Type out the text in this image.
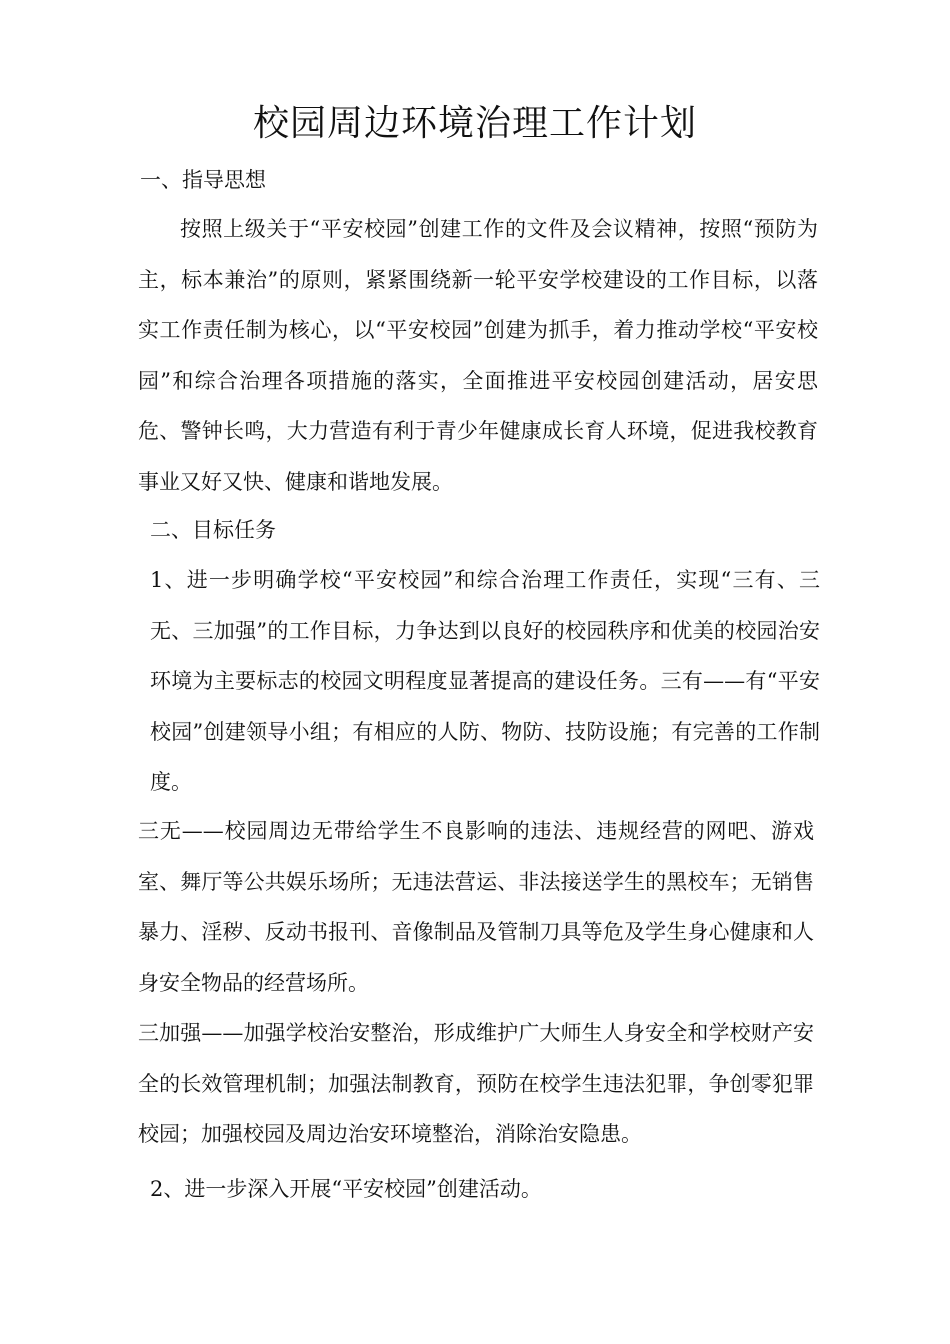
校园周边环境治理工作计划

一、指导思想

按照上级关于“平安校园”创建工作的文件及会议精神，按照“预防为主，标本兼治”的原则，紧紧围绕新一轮平安学校建设的工作目标，以落实工作责任制为核心，以“平安校园”创建为抓手，着力推动学校“平安校园”和综合治理各项措施的落实，全面推进平安校园创建活动，居安思危、警钟长鸣，大力营造有利于青少年健康成长育人环境，促进我校教育事业又好又快、健康和谐地发展。

二、目标任务

1、进一步明确学校“平安校园”和综合治理工作责任，实现“三有、三无、三加强”的工作目标，力争达到以良好的校园秩序和优美的校园治安环境为主要标志的校园文明程度显著提高的建设任务。三有——有“平安校园”创建领导小组；有相应的人防、物防、技防设施；有完善的工作制度。

三无——校园周边无带给学生不良影响的违法、违规经营的网吧、游戏室、舞厅等公共娱乐场所；无违法营运、非法接送学生的黑校车；无销售暴力、淫秽、反动书报刊、音像制品及管制刀具等危及学生身心健康和人身安全物品的经营场所。

三加强——加强学校治安整治，形成维护广大师生人身安全和学校财产安全的长效管理机制；加强法制教育，预防在校学生违法犯罪，争创零犯罪校园；加强校园及周边治安环境整治，消除治安隐患。

2、进一步深入开展“平安校园”创建活动。
